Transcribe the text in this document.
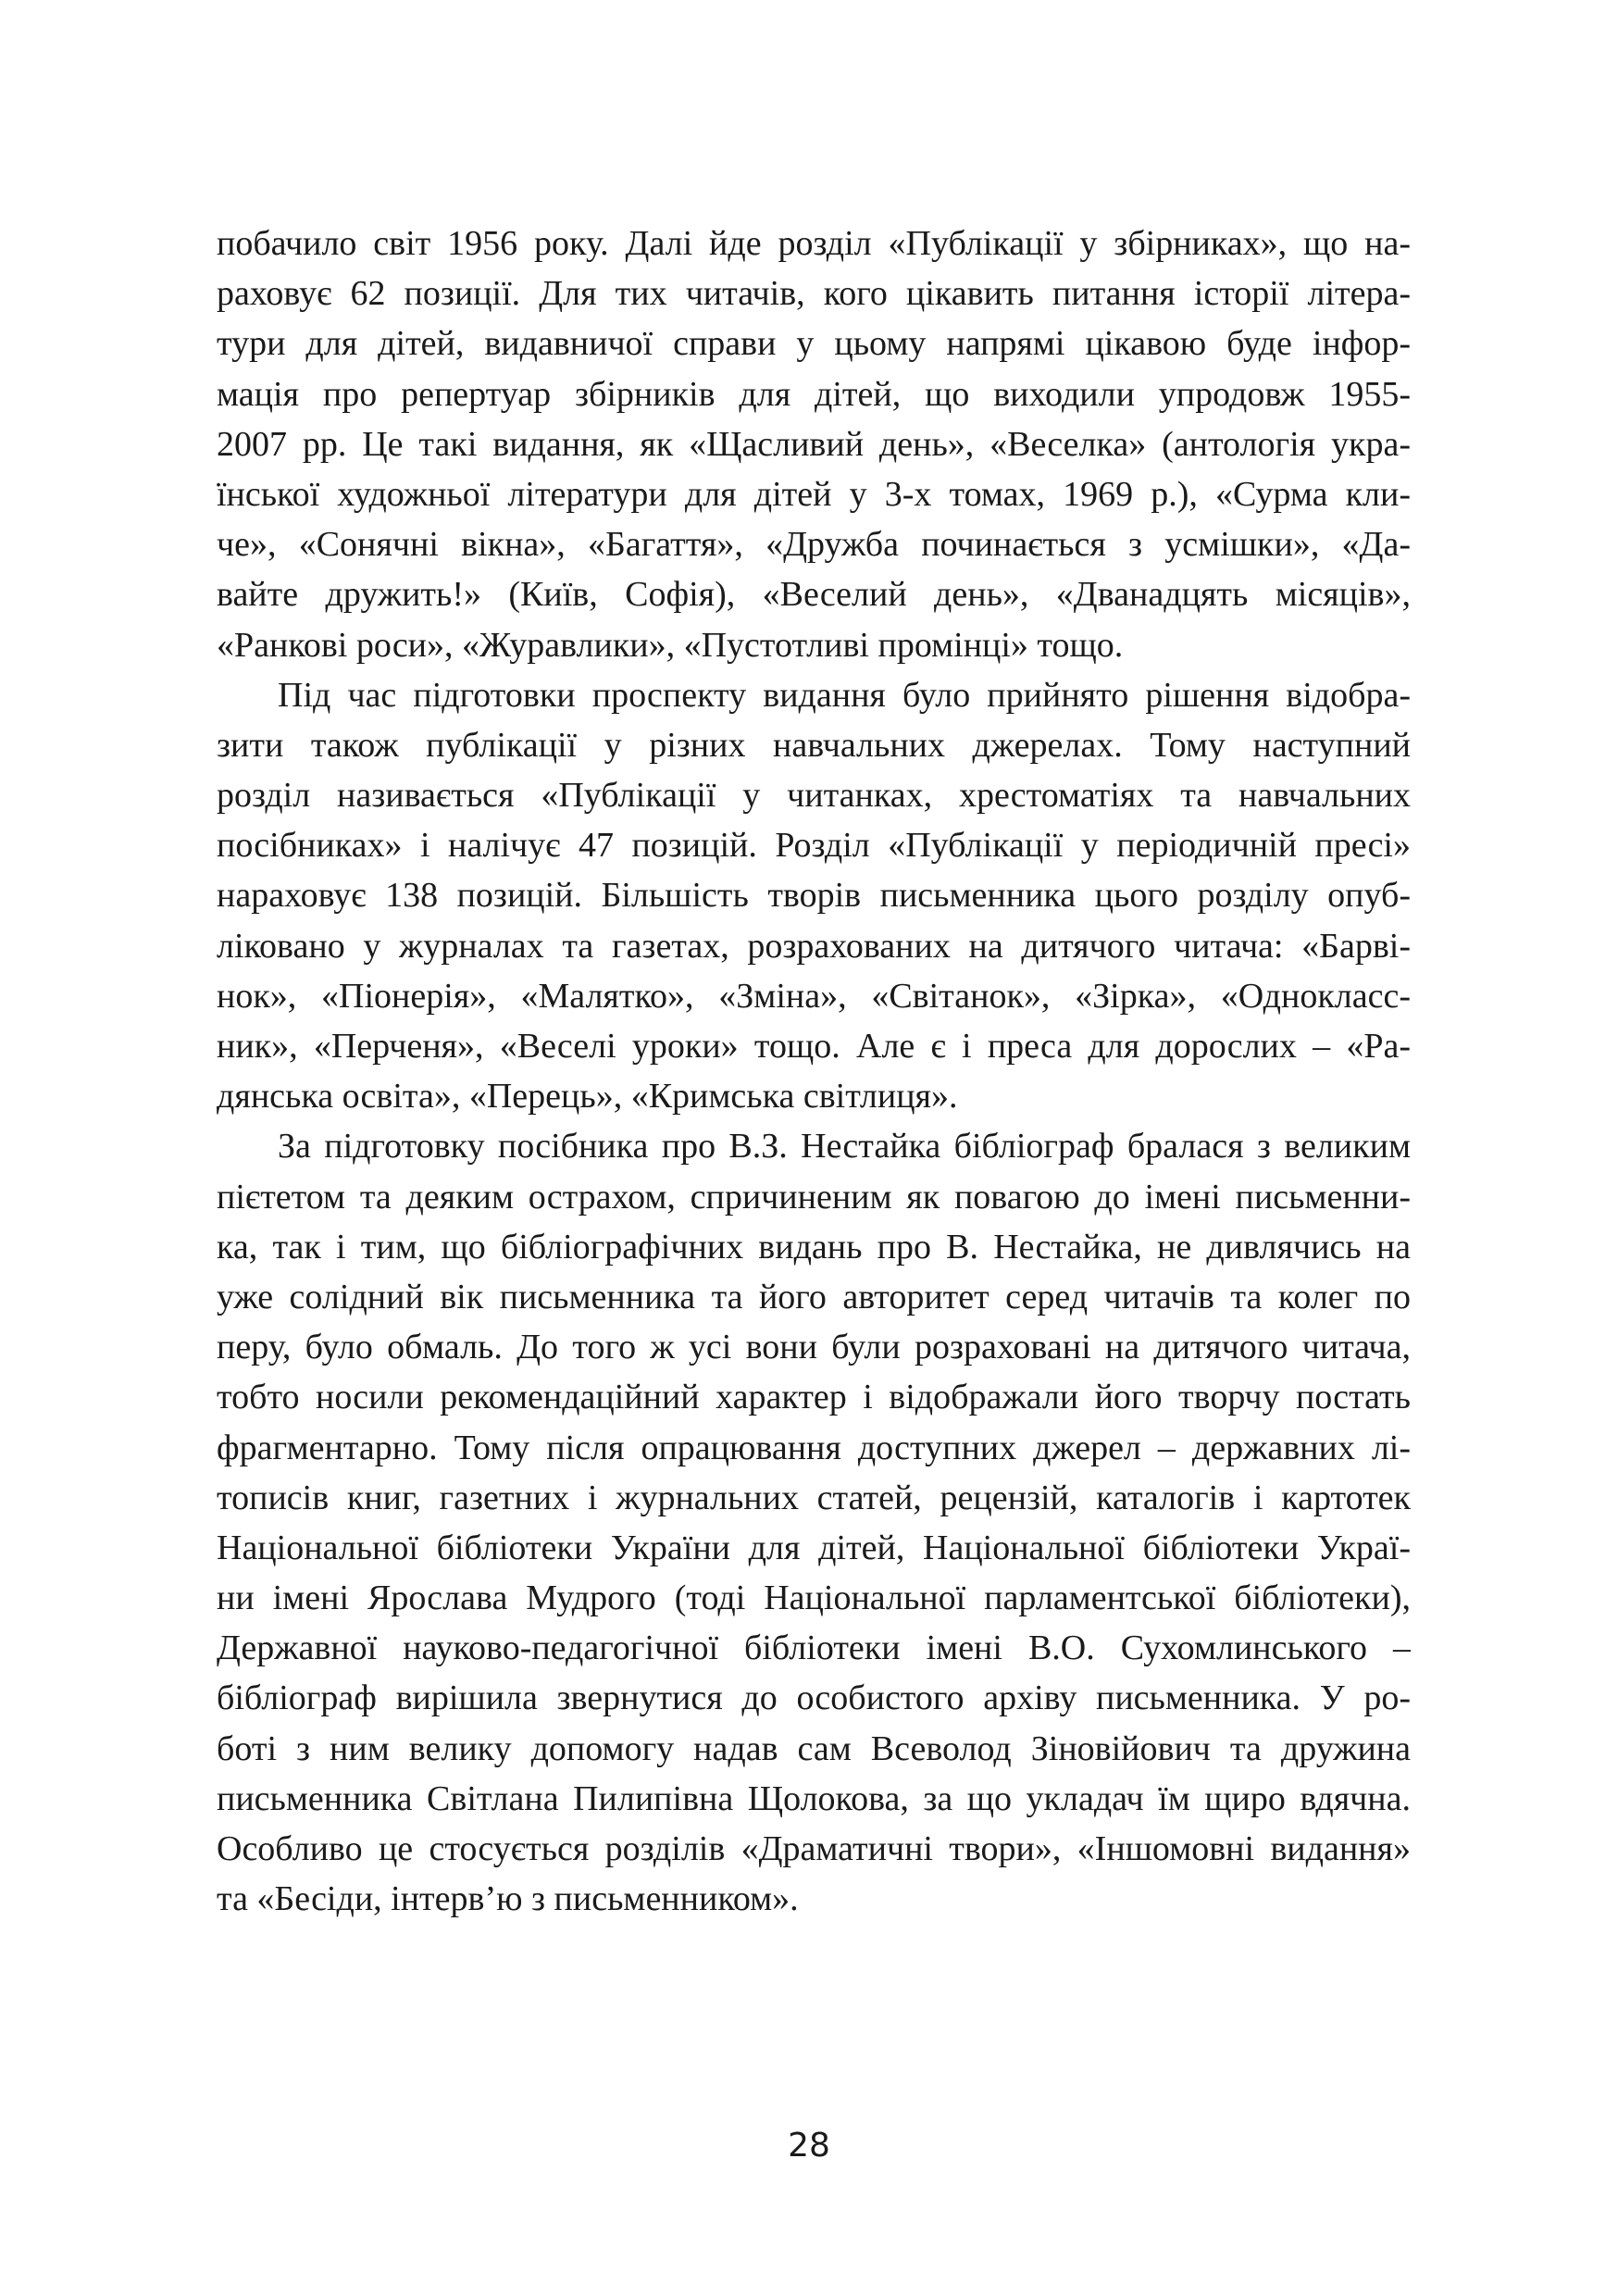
побачило світ 1956 року. Далі йде розділ «Публікації у збірниках», що на-
раховує 62 позиції. Для тих читачів, кого цікавить питання історії літера-
тури для дітей, видавничої справи у цьому напрямі цікавою буде інфор-
мація про репертуар збірників для дітей, що виходили упродовж 1955-
2007 рр. Це такі видання, як «Щасливий день», «Веселка» (антологія укра-
їнської художньої літератури для дітей у 3-х томах, 1969 р.), «Сурма кли-
че», «Сонячні вікна», «Багаття», «Дружба починається з усмішки», «Да-
вайте дружить!» (Київ, Софія), «Веселий день», «Дванадцять місяців»,
«Ранкові роси», «Журавлики», «Пустотливі промінці» тощо.
Під час підготовки проспекту видання було прийнято рішення відобра-
зити також публікації у різних навчальних джерелах. Тому наступний
розділ називається «Публікації у читанках, хрестоматіях та навчальних
посібниках» і налічує 47 позицій. Розділ «Публікації у періодичній пресі»
нараховує 138 позицій. Більшість творів письменника цього розділу опуб-
ліковано у журналах та газетах, розрахованих на дитячого читача: «Барві-
нок», «Піонерія», «Малятко», «Зміна», «Світанок», «Зірка», «Однокласс-
ник», «Перченя», «Веселі уроки» тощо. Але є і преса для дорослих – «Ра-
дянська освіта», «Перець», «Кримська світлиця».
За підготовку посібника про В.З. Нестайка бібліограф бралася з великим
пієтетом та деяким острахом, спричиненим як повагою до імені письменни-
ка, так і тим, що бібліографічних видань про В. Нестайка, не дивлячись на
уже солідний вік письменника та його авторитет серед читачів та колег по
перу, було обмаль. До того ж усі вони були розраховані на дитячого читача,
тобто носили рекомендаційний характер і відображали його творчу постать
фрагментарно. Тому після опрацювання доступних джерел – державних лі-
тописів книг, газетних і журнальних статей, рецензій, каталогів і картотек
Національної бібліотеки України для дітей, Національної бібліотеки Украї-
ни імені Ярослава Мудрого (тоді Національної парламентської бібліотеки),
Державної науково-педагогічної бібліотеки імені В.О. Сухомлинського –
бібліограф вирішила звернутися до особистого архіву письменника. У ро-
боті з ним велику допомогу надав сам Всеволод Зіновійович та дружина
письменника Світлана Пилипівна Щолокова, за що укладач їм щиро вдячна.
Особливо це стосується розділів «Драматичні твори», «Іншомовні видання»
та «Бесіди, інтерв’ю з письменником».
28
